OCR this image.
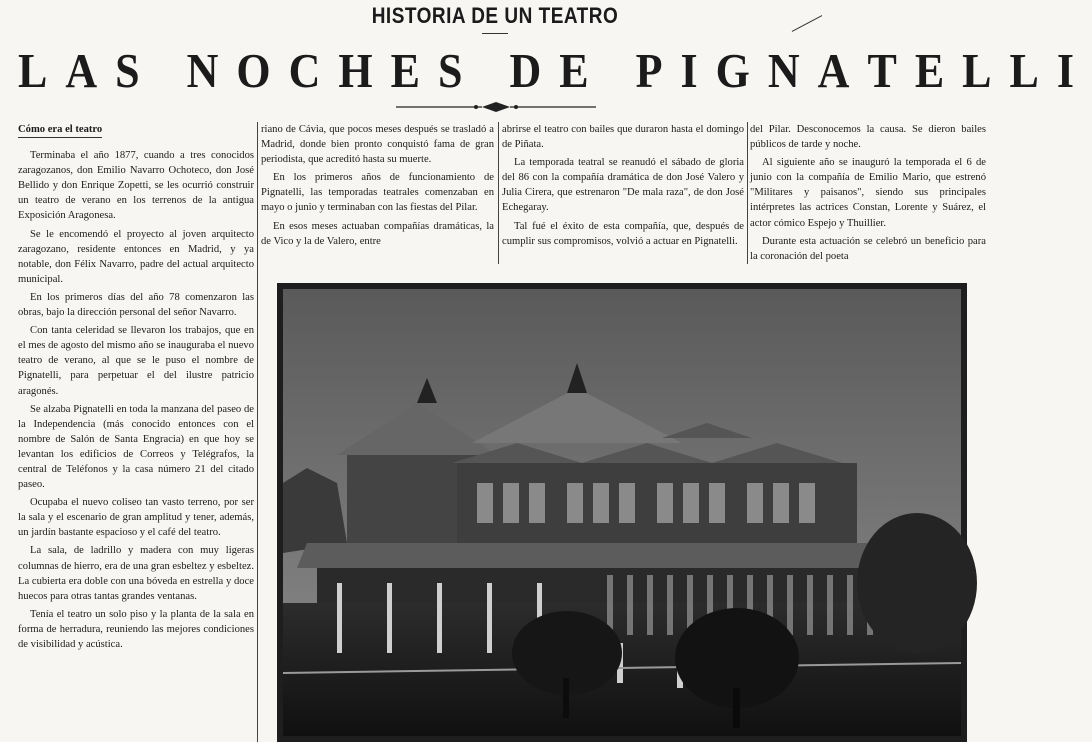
HISTORIA DE UN TEATRO
LAS NOCHES DE PIGNATELLI

Cómo era el teatro

Terminaba el año 1877, cuando a tres conocidos zaragozanos, don Emilio Navarro Ochoteco, don José Bellido y don Enrique Zopetti, se les ocurrió construir un teatro de verano en los terrenos de la antigua Exposición Aragonesa.

Se le encomendó el proyecto al joven arquitecto zaragozano, residente entonces en Madrid, y ya notable, don Félix Navarro, padre del actual arquitecto municipal.

En los primeros días del año 78 comenzaron las obras, bajo la dirección personal del señor Navarro.

Con tanta celeridad se llevaron los trabajos, que en el mes de agosto del mismo año se inauguraba el nuevo teatro de verano, al que se le puso el nombre de Pignatelli, para perpetuar el del ilustre patricio aragonés.

Se alzaba Pignatelli en toda la manzana del paseo de la Independencia (más conocido entonces con el nombre de Salón de Santa Engracia) en que hoy se levantan los edificios de Correos y Telégrafos, la central de Teléfonos y la casa número 21 del citado paseo.

Ocupaba el nuevo coliseo tan vasto terreno, por ser la sala y el escenario de gran amplitud y tener, además, un jardín bastante espacioso y el café del teatro.

La sala, de ladrillo y madera con muy ligeras columnas de hierro, era de una gran esbeltez y esbeltez. La cubierta era doble con una bóveda en estrella y doce huecos para otras tantas grandes ventanas.

Tenía el teatro un solo piso y la planta de la sala en forma de herradura, reuniendo las mejores condiciones de visibilidad y acústica.

riano de Cávia, que pocos meses después se trasladó a Madrid, donde bien pronto conquistó fama de gran periodista, que acreditó hasta su muerte.

En los primeros años de funcionamiento de Pignatelli, las temporadas teatrales comenzaban en mayo o junio y terminaban con las fiestas del Pilar.

En esos meses actuaban compañías dramáticas, la de Vico y la de Valero, entre

abrirse el teatro con bailes que duraron hasta el domingo de Piñata.

La temporada teatral se reanudó el sábado de gloria del 86 con la compañía dramática de don José Valero y Julia Cirera, que estrenaron "De mala raza", de don José Echegaray.

Tal fué el éxito de esta compañía, que, después de cumplir sus compromisos, volvió a actuar en Pignatelli.

del Pilar. Desconocemos la causa. Se dieron bailes públicos de tarde y noche.

Al siguiente año se inauguró la temporada el 6 de junio con la compañía de Emilio Mario, que estrenó "Militares y paisanos", siendo sus principales intérpretes las actrices Constan, Lorente y Suárez, el actor cómico Espejo y Thuillier.

Durante esta actuación se celebró un beneficio para la coronación del poeta
